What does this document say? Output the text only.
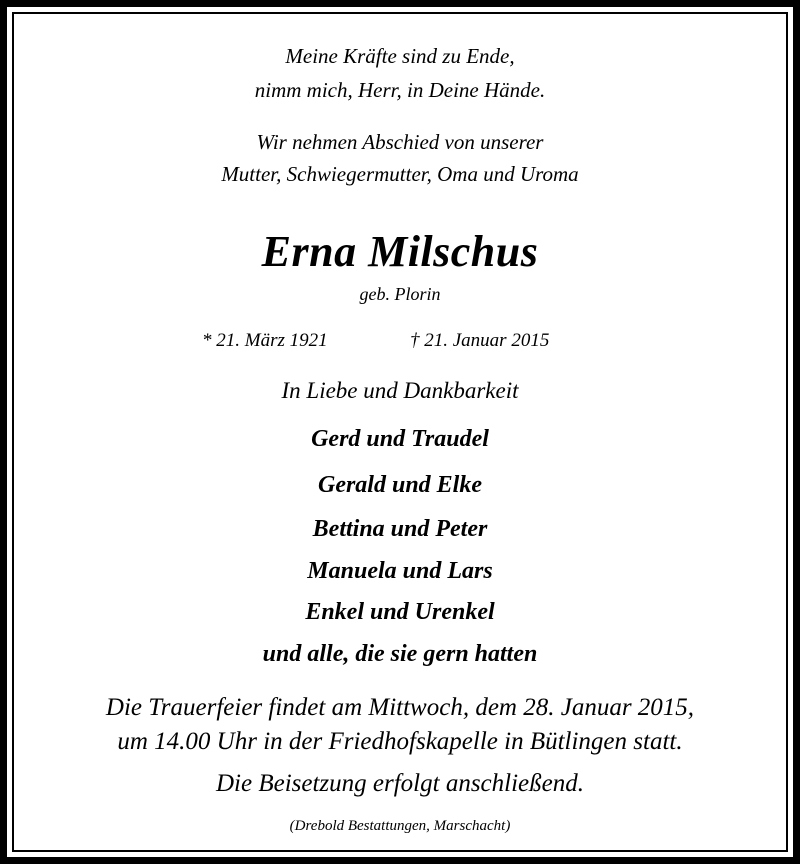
Meine Kräfte sind zu Ende,
nimm mich, Herr, in Deine Hände.
Wir nehmen Abschied von unserer
Mutter, Schwiegermutter, Oma und Uroma
Erna Milschus
geb. Plorin
* 21. März 1921	† 21. Januar 2015
In Liebe und Dankbarkeit
Gerd und Traudel
Gerald und Elke
Bettina und Peter
Manuela und Lars
Enkel und Urenkel
und alle, die sie gern hatten
Die Trauerfeier findet am Mittwoch, dem 28. Januar 2015,
um 14.00 Uhr in der Friedhofskapelle in Bütlingen statt.
Die Beisetzung erfolgt anschließend.
(Drebold Bestattungen, Marschacht)
